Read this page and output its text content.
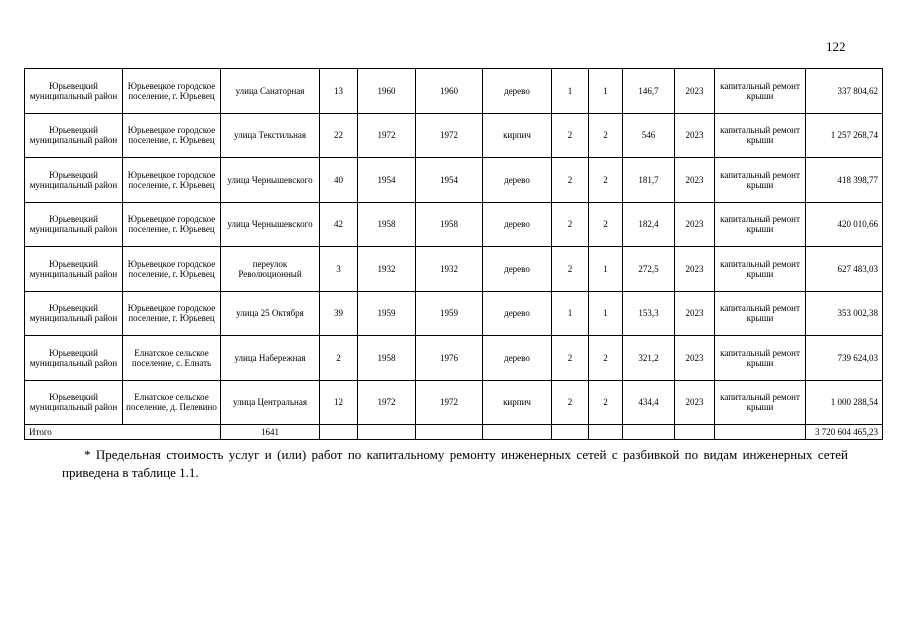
122
Юрьевецкий муниципальный район	Юрьевецкое городское поселение, г. Юрьевец	улица Санаторная	13	1960	1960	дерево	1	1	146,7	2023	капитальный ремонт крыши	337 804,62
Юрьевецкий муниципальный район	Юрьевецкое городское поселение, г. Юрьевец	улица Текстильная	22	1972	1972	кирпич	2	2	546	2023	капитальный ремонт крыши	1 257 268,74
Юрьевецкий муниципальный район	Юрьевецкое городское поселение, г. Юрьевец	улица Чернышевского	40	1954	1954	дерево	2	2	181,7	2023	капитальный ремонт крыши	418 398,77
Юрьевецкий муниципальный район	Юрьевецкое городское поселение, г. Юрьевец	улица Чернышевского	42	1958	1958	дерево	2	2	182,4	2023	капитальный ремонт крыши	420 010,66
Юрьевецкий муниципальный район	Юрьевецкое городское поселение, г. Юрьевец	переулок Революционный	3	1932	1932	дерево	2	1	272,5	2023	капитальный ремонт крыши	627 483,03
Юрьевецкий муниципальный район	Юрьевецкое городское поселение, г. Юрьевец	улица 25 Октября	39	1959	1959	дерево	1	1	153,3	2023	капитальный ремонт крыши	353 002,38
Юрьевецкий муниципальный район	Елнатское сельское поселение, с. Елнать	улица Набережная	2	1958	1976	дерево	2	2	321,2	2023	капитальный ремонт крыши	739 624,03
Юрьевецкий муниципальный район	Елнатское сельское поселение, д. Пелевино	улица Центральная	12	1972	1972	кирпич	2	2	434,4	2023	капитальный ремонт крыши	1 000 288,54
Итого		1641										3 720 604 465,23
* Предельная стоимость услуг и (или) работ по капитальному ремонту инженерных сетей с разбивкой по видам инженерных сетей приведена в таблице 1.1.
